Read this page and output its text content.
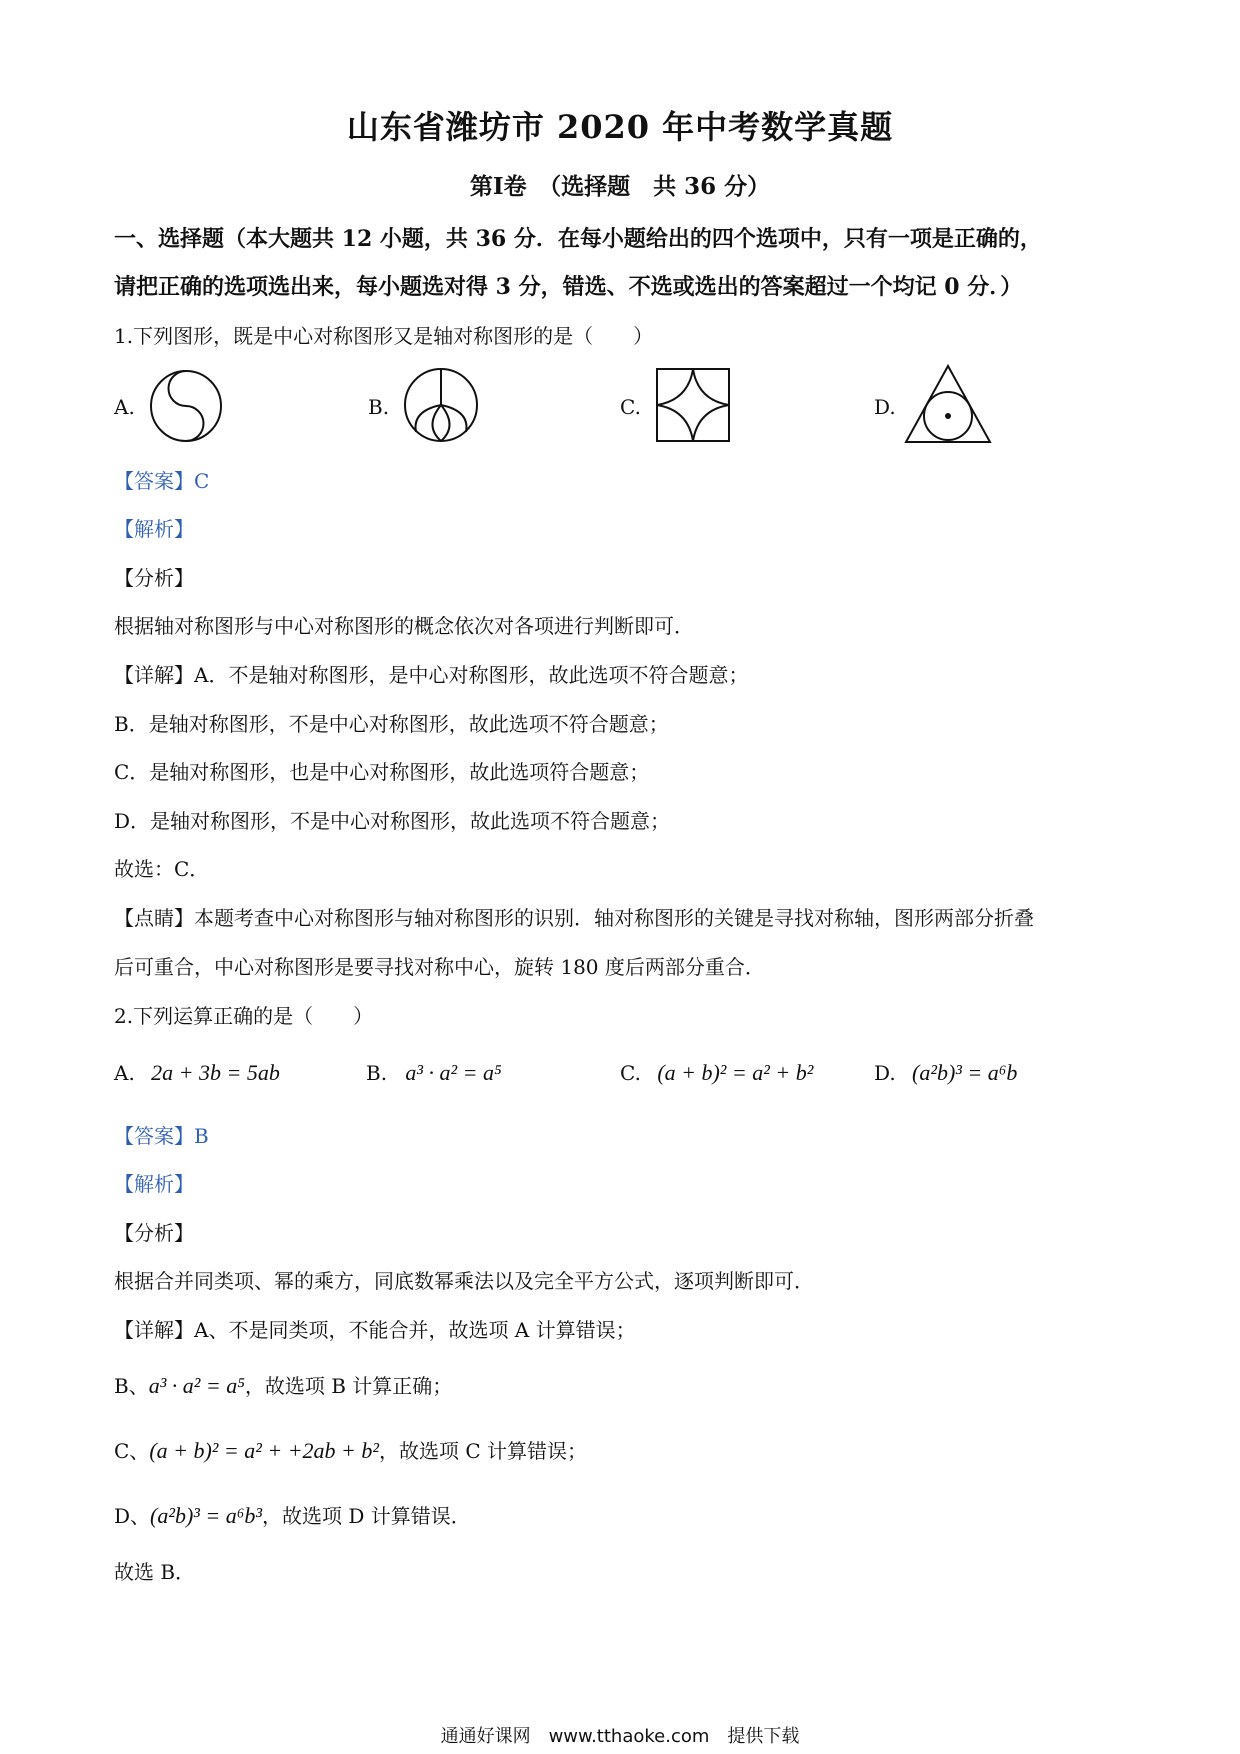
山东省潍坊市 2020 年中考数学真题
第Ⅰ卷　（选择题　共 36 分）
一、选择题（本大题共 12 小题，共 36 分．在每小题给出的四个选项中，只有一项是正确的，
请把正确的选项选出来，每小题选对得 3 分，错选、不选或选出的答案超过一个均记 0 分．）
1.下列图形，既是中心对称图形又是轴对称图形的是（　　）
A.	B.	C.	D.
【答案】C
【解析】
【分析】
根据轴对称图形与中心对称图形的概念依次对各项进行判断即可．
【详解】A．不是轴对称图形，是中心对称图形，故此选项不符合题意；
B．是轴对称图形，不是中心对称图形，故此选项不符合题意；
C．是轴对称图形，也是中心对称图形，故此选项符合题意；
D．是轴对称图形，不是中心对称图形，故此选项不符合题意；
故选：C．
【点睛】本题考查中心对称图形与轴对称图形的识别．轴对称图形的关键是寻找对称轴，图形两部分折叠
后可重合，中心对称图形是要寻找对称中心，旋转 180 度后两部分重合．
2.下列运算正确的是（　　）
A. 2a + 3b = 5ab	B. a³ · a² = a⁵	C. (a + b)² = a² + b²	D. (a²b)³ = a⁶b
【答案】B
【解析】
【分析】
根据合并同类项、幂的乘方，同底数幂乘法以及完全平方公式，逐项判断即可．
【详解】A、不是同类项，不能合并，故选项 A 计算错误；
B、a³ · a² = a⁵，故选项 B 计算正确；
C、(a + b)² = a² + +2ab + b²，故选项 C 计算错误；
D、(a²b)³ = a⁶b³，故选项 D 计算错误．
故选 B．
通通好课网　www.tthaoke.com　提供下载
